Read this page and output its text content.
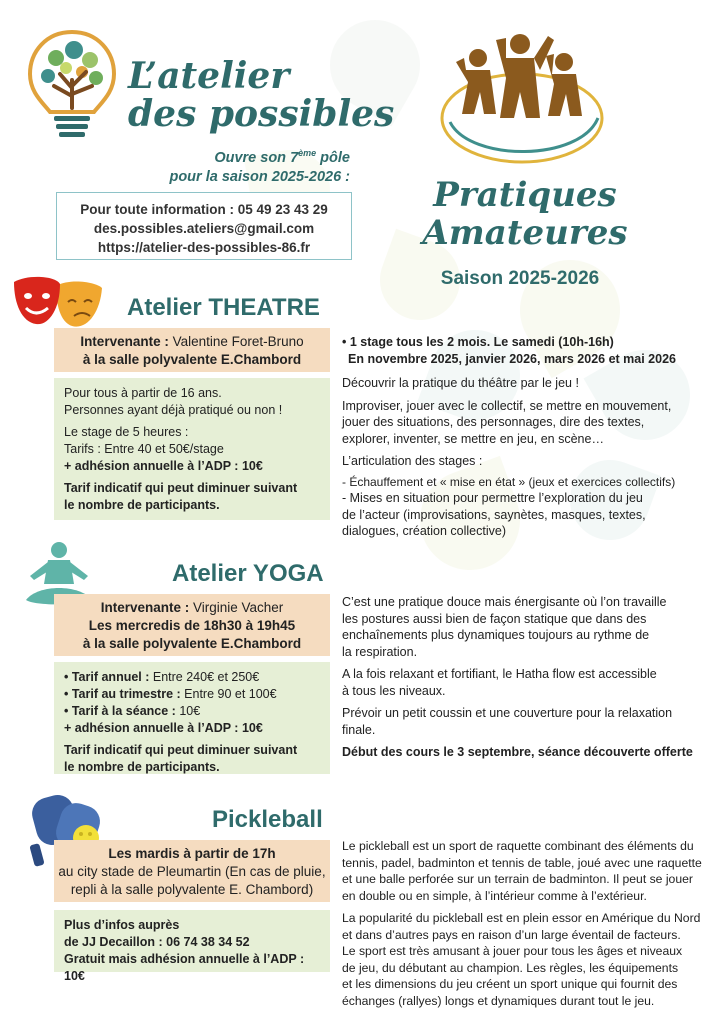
L’atelier
des possibles
Ouvre son 7ème pôle
pour la saison 2025-2026 :
Pour toute information : 05 49 23 43 29
des.possibles.ateliers@gmail.com
https://atelier-des-possibles-86.fr
Pratiques
Amateures
Saison 2025-2026
Atelier THEATRE
Intervenante : Valentine Foret-Bruno
à la salle polyvalente E.Chambord

Pour tous à partir de 16 ans.

Personnes ayant déjà pratiqué ou non !

Le stage de 5 heures :

Tarifs : Entre 40 et 50€/stage

+ adhésion annuelle à l’ADP : 10€

Tarif indicatif qui peut diminuer suivant

le nombre de participants.

• 1 stage tous les 2 mois. Le samedi (10h-16h)
En novembre 2025, janvier 2026, mars 2026 et mai 2026

Découvrir la pratique du théâtre par le jeu !

Improviser, jouer avec le collectif, se mettre en mouvement,
jouer des situations, des personnages, dire des textes,
explorer, inventer, se mettre en jeu, en scène…

L’articulation des stages :

- Échauffement et « mise en état » (jeux et exercices collectifs)
- Mises en situation pour permettre l’exploration du jeu
de l’acteur (improvisations, saynètes, masques, textes,
dialogues, création collective)
Atelier YOGA
Intervenante : Virginie Vacher
Les mercredis de 18h30 à 19h45
à la salle polyvalente E.Chambord

• Tarif annuel : Entre 240€ et 250€

• Tarif au trimestre : Entre 90 et 100€

• Tarif à la séance : 10€

+ adhésion annuelle à l’ADP : 10€

Tarif indicatif qui peut diminuer suivant

le nombre de participants.

C’est une pratique douce mais énergisante où l’on travaille
les postures aussi bien de façon statique que dans des
enchaînements plus dynamiques toujours au rythme de
la respiration.

A la fois relaxant et fortifiant, le Hatha flow est accessible
à tous les niveaux.

Prévoir un petit coussin et une couverture pour la relaxation
finale.

Début des cours le 3 septembre, séance découverte offerte

Pickleball
Les mardis à partir de 17h
au city stade de Pleumartin (En cas de pluie,
repli à la salle polyvalente E. Chambord)

Plus d’infos auprès

de JJ Decaillon : 06 74 38 34 52

Gratuit mais adhésion annuelle à l’ADP : 10€

Le pickleball est un sport de raquette combinant des éléments du
tennis, padel, badminton et tennis de table, joué avec une raquette
et une balle perforée sur un terrain de badminton. Il peut se jouer
en double ou en simple, à l’intérieur comme à l’extérieur.

La popularité du pickleball est en plein essor en Amérique du Nord
et dans d’autres pays en raison d’un large éventail de facteurs.
Le sport est très amusant à jouer pour tous les âges et niveaux
de jeu, du débutant au champion. Les règles, les équipements
et les dimensions du jeu créent un sport unique qui fournit des
échanges (rallyes) longs et dynamiques durant tout le jeu.
